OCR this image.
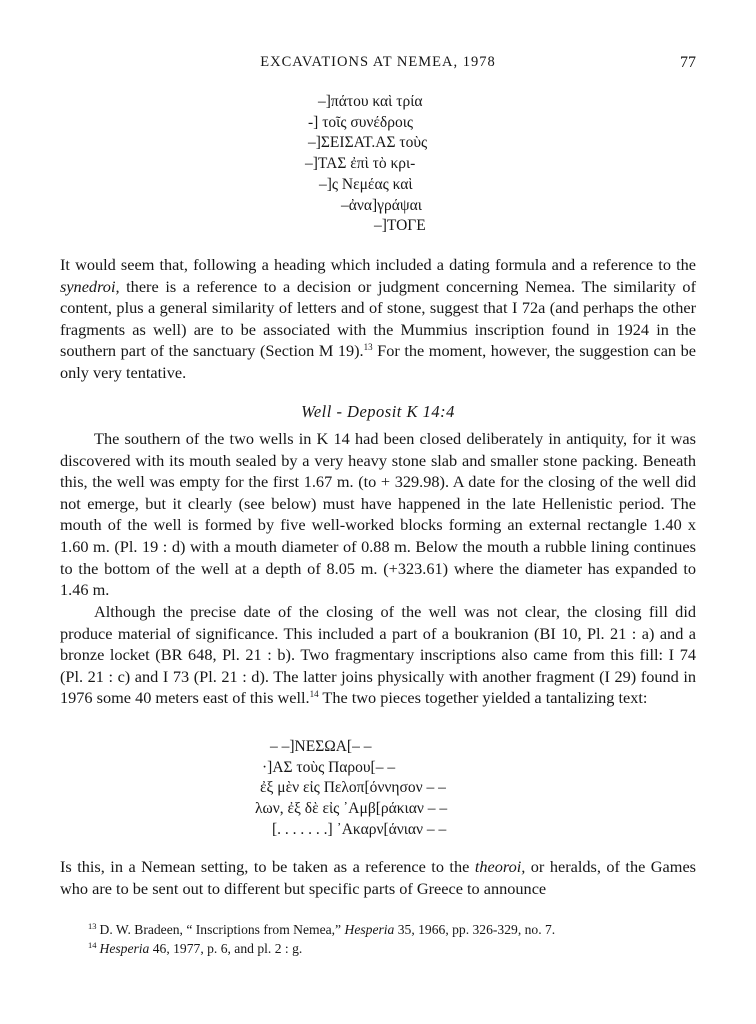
EXCAVATIONS AT NEMEA, 1978	77
–]πάτου καὶ τρία
-] τοῖς συνέδροις
–]ΣΕΙΣΑΤ.ΑΣ τοὺς
–]ΤΑΣ ἐπὶ τὸ κρι-
–]ς Νεμέας καὶ
–ἀνα]γράψαι
–]ΤΟΓΕ

It would seem that, following a heading which included a dating formula and a reference to the synedroi, there is a reference to a decision or judgment concerning Nemea. The similarity of content, plus a general similarity of letters and of stone, suggest that I 72a (and perhaps the other fragments as well) are to be associated with the Mummius inscription found in 1924 in the southern part of the sanctuary (Section M 19).$^{13}$ For the moment, however, the suggestion can be only very tentative.

Well - Deposit K 14:4

The southern of the two wells in K 14 had been closed deliberately in antiquity, for it was discovered with its mouth sealed by a very heavy stone slab and smaller stone packing. Beneath this, the well was empty for the first 1.67 m. (to + 329.98). A date for the closing of the well did not emerge, but it clearly (see below) must have happened in the late Hellenistic period. The mouth of the well is formed by five well-worked blocks forming an external rectangle 1.40 x 1.60 m. (Pl. 19 : d) with a mouth diameter of 0.88 m. Below the mouth a rubble lining continues to the bottom of the well at a depth of 8.05 m. (+323.61) where the diameter has expanded to 1.46 m.

Although the precise date of the closing of the well was not clear, the closing fill did produce material of significance. This included a part of a boukranion (BI 10, Pl. 21 : a) and a bronze locket (BR 648, Pl. 21 : b). Two fragmentary inscriptions also came from this fill: I 74 (Pl. 21 : c) and I 73 (Pl. 21 : d). The latter joins physically with another fragment (I 29) found in 1976 some 40 meters east of this well.$^{14}$ The two pieces together yielded a tantalizing text:

– –]ΝΕΣΩΑ[– –
·]ΑΣ τοὺς Παρου[– –
ἐξ μὲν εἰς Πελοπ[όννησον – –
λων, ἐξ δὲ εἰς ᾿Αμβ[ράκιαν – –
[. . . . . . .] ᾿Ακαρν[άνιαν – –

Is this, in a Nemean setting, to be taken as a reference to the theoroi, or heralds, of the Games who are to be sent out to different but specific parts of Greece to announce

$^{13}$ D. W. Bradeen, “ Inscriptions from Nemea,” Hesperia 35, 1966, pp. 326-329, no. 7.
$^{14}$ Hesperia 46, 1977, p. 6, and pl. 2 : g.
